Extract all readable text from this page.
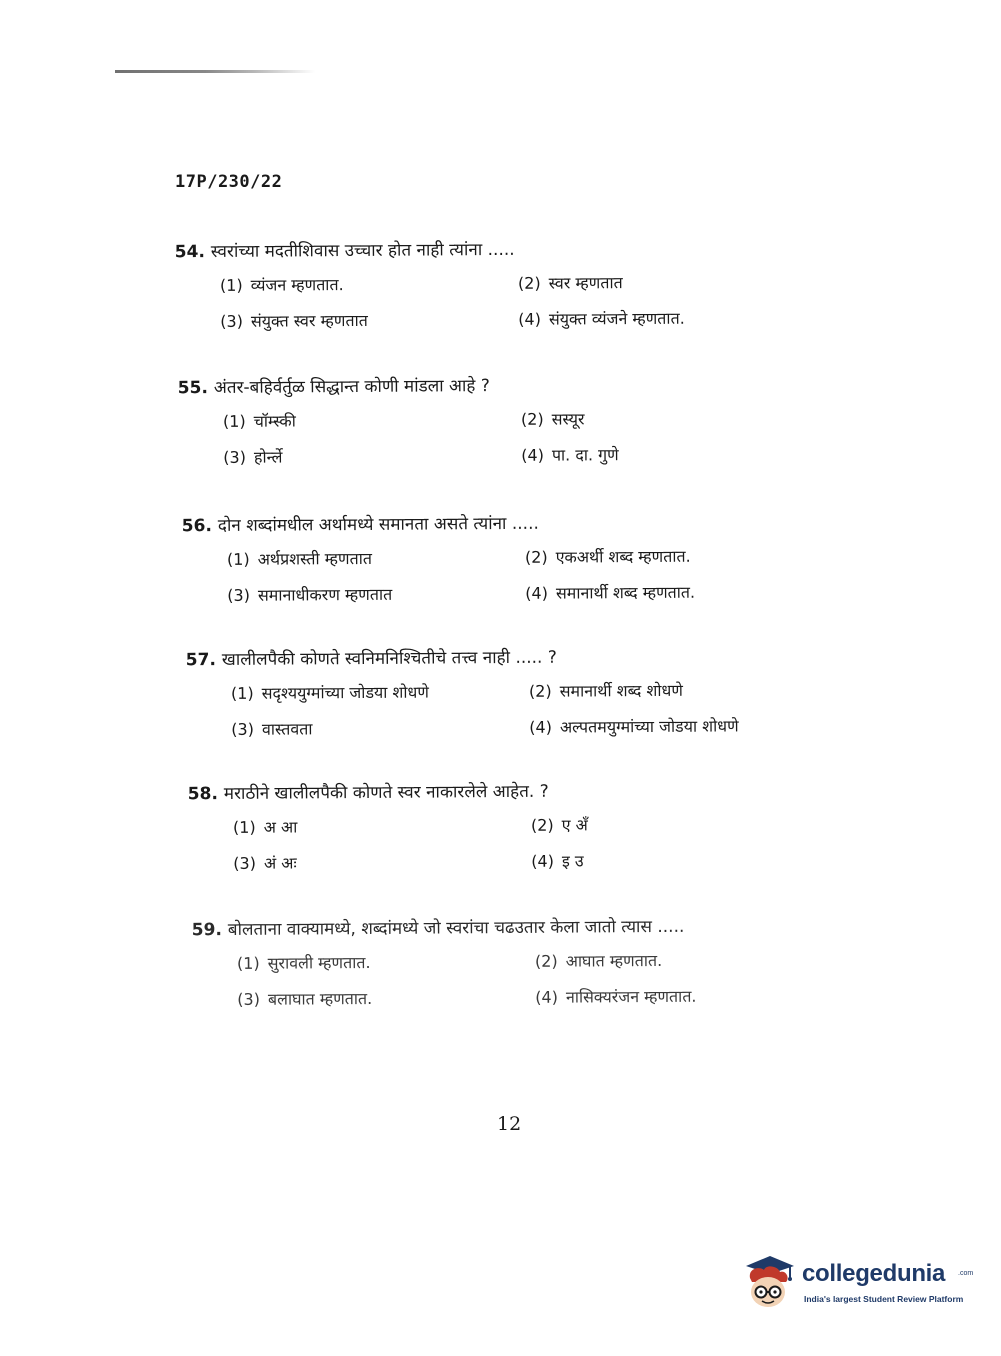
17P/230/22
54. स्वरांच्या मदतीशिवास उच्चार होत नाही त्यांना .....
(1) व्यंजन म्हणतात.	(2) स्वर म्हणतात
(3) संयुक्त स्वर म्हणतात	(4) संयुक्त व्यंजने म्हणतात.
55. अंतर-बहिर्वर्तुळ सिद्धान्त कोणी मांडला आहे ?
(1) चॉम्स्की	(2) सस्यूर
(3) होर्न्ले	(4) पा. दा. गुणे
56. दोन शब्दांमधील अर्थामध्ये समानता असते त्यांना .....
(1) अर्थप्रशस्ती म्हणतात	(2) एकअर्थी शब्द म्हणतात.
(3) समानाधीकरण म्हणतात	(4) समानार्थी शब्द म्हणतात.
57. खालीलपैकी कोणते स्वनिमनिश्चितीचे तत्त्व नाही ..... ?
(1) सदृश्ययुग्मांच्या जोडया शोधणे	(2) समानार्थी शब्द शोधणे
(3) वास्तवता	(4) अल्पतमयुग्मांच्या जोडया शोधणे
58. मराठीने खालीलपैकी कोणते स्वर नाकारलेले आहेत. ?
(1) अ आ	(2) ए अँ
(3) अं अः	(4) इ उ
59. बोलताना वाक्यामध्ये, शब्दांमध्ये जो स्वरांचा चढउतार केला जातो त्यास .....
(1) सुरावली म्हणतात.	(2) आघात म्हणतात.
(3) बलाघात म्हणतात.	(4) नासिक्यरंजन म्हणतात.
12
collegedunia .com
India's largest Student Review Platform
